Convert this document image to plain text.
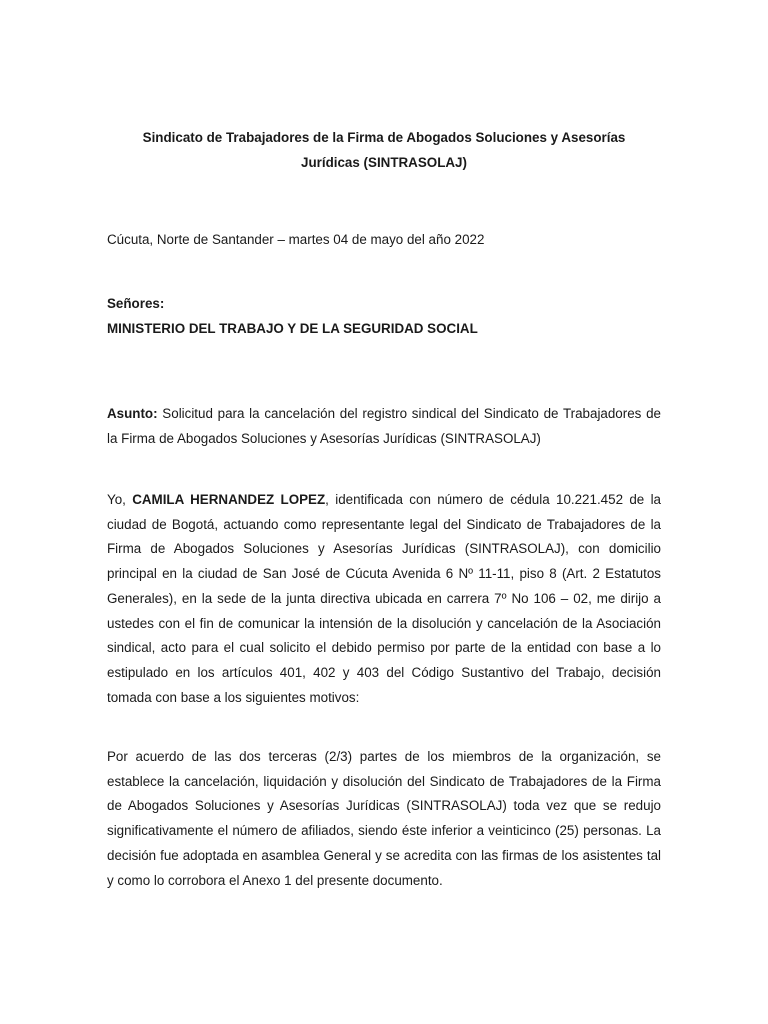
Sindicato de Trabajadores de la Firma de Abogados Soluciones y Asesorías
Jurídicas (SINTRASOLAJ)
Cúcuta, Norte de Santander – martes 04 de mayo del año 2022
Señores:
MINISTERIO DEL TRABAJO Y DE LA SEGURIDAD SOCIAL
Asunto: Solicitud para la cancelación del registro sindical del Sindicato de Trabajadores de la Firma de Abogados Soluciones y Asesorías Jurídicas (SINTRASOLAJ)
Yo, CAMILA HERNANDEZ LOPEZ, identificada con número de cédula 10.221.452 de la ciudad de Bogotá, actuando como representante legal del Sindicato de Trabajadores de la Firma de Abogados Soluciones y Asesorías Jurídicas (SINTRASOLAJ), con domicilio principal en la ciudad de San José de Cúcuta Avenida 6 Nº 11-11, piso 8 (Art. 2 Estatutos Generales), en la sede de la junta directiva ubicada en carrera 7º No 106 – 02, me dirijo a ustedes con el fin de comunicar la intensión de la disolución y cancelación de la Asociación sindical, acto para el cual solicito el debido permiso por parte de la entidad con base a lo estipulado en los artículos 401, 402 y 403 del Código Sustantivo del Trabajo, decisión tomada con base a los siguientes motivos:
Por acuerdo de las dos terceras (2/3) partes de los miembros de la organización, se establece la cancelación, liquidación y disolución del Sindicato de Trabajadores de la Firma de Abogados Soluciones y Asesorías Jurídicas (SINTRASOLAJ) toda vez que se redujo significativamente el número de afiliados, siendo éste inferior a veinticinco (25) personas. La decisión fue adoptada en asamblea General y se acredita con las firmas de los asistentes tal y como lo corrobora el Anexo 1 del presente documento.
